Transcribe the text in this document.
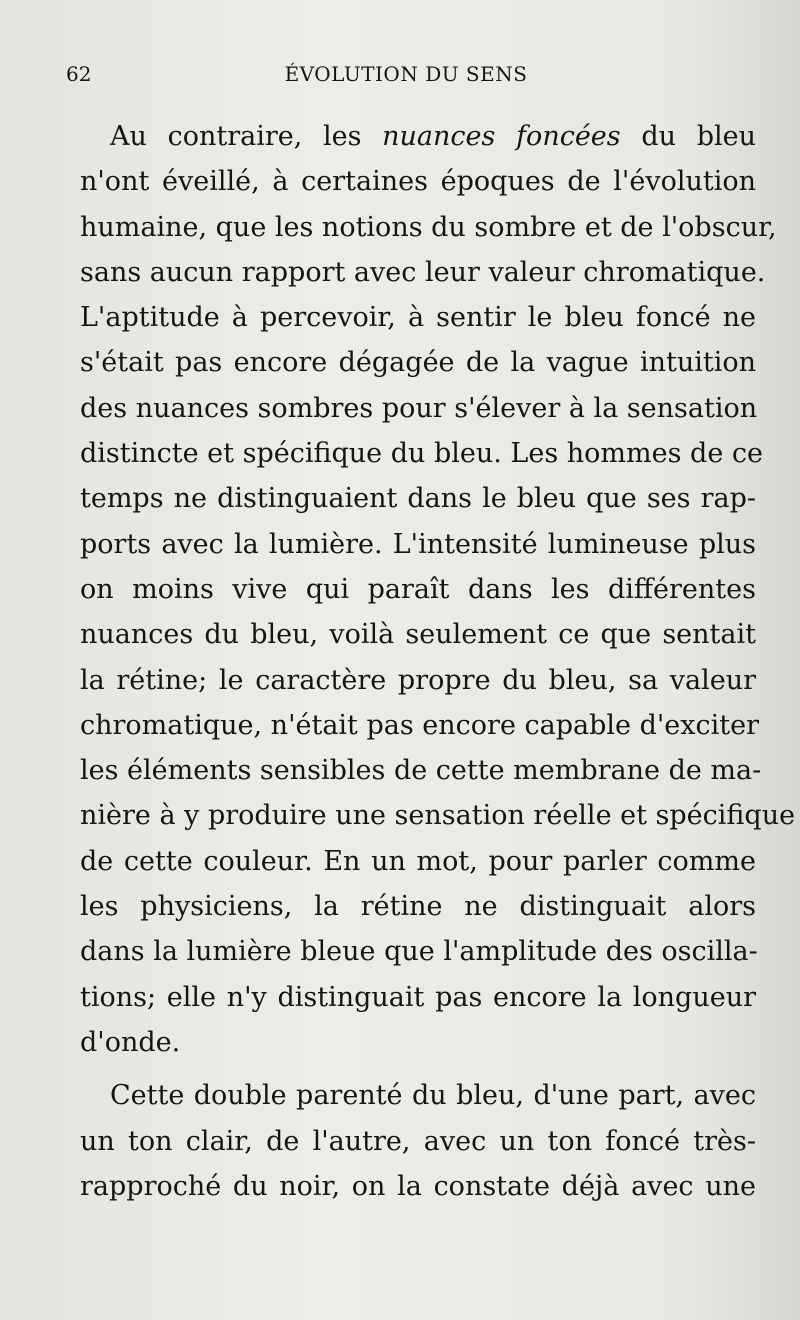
62	ÉVOLUTION DU SENS
Au contraire, les nuances foncées du bleu
n'ont éveillé, à certaines époques de l'évolution
humaine, que les notions du sombre et de l'obscur,
sans aucun rapport avec leur valeur chromatique.
L'aptitude à percevoir, à sentir le bleu foncé ne
s'était pas encore dégagée de la vague intuition
des nuances sombres pour s'élever à la sensation
distincte et spécifique du bleu. Les hommes de ce
temps ne distinguaient dans le bleu que ses rap-
ports avec la lumière. L'intensité lumineuse plus
on moins vive qui paraît dans les différentes
nuances du bleu, voilà seulement ce que sentait
la rétine; le caractère propre du bleu, sa valeur
chromatique, n'était pas encore capable d'exciter
les éléments sensibles de cette membrane de ma-
nière à y produire une sensation réelle et spécifique
de cette couleur. En un mot, pour parler comme
les physiciens, la rétine ne distinguait alors
dans la lumière bleue que l'amplitude des oscilla-
tions; elle n'y distinguait pas encore la longueur
d'onde.
Cette double parenté du bleu, d'une part, avec
un ton clair, de l'autre, avec un ton foncé très-
rapproché du noir, on la constate déjà avec une
